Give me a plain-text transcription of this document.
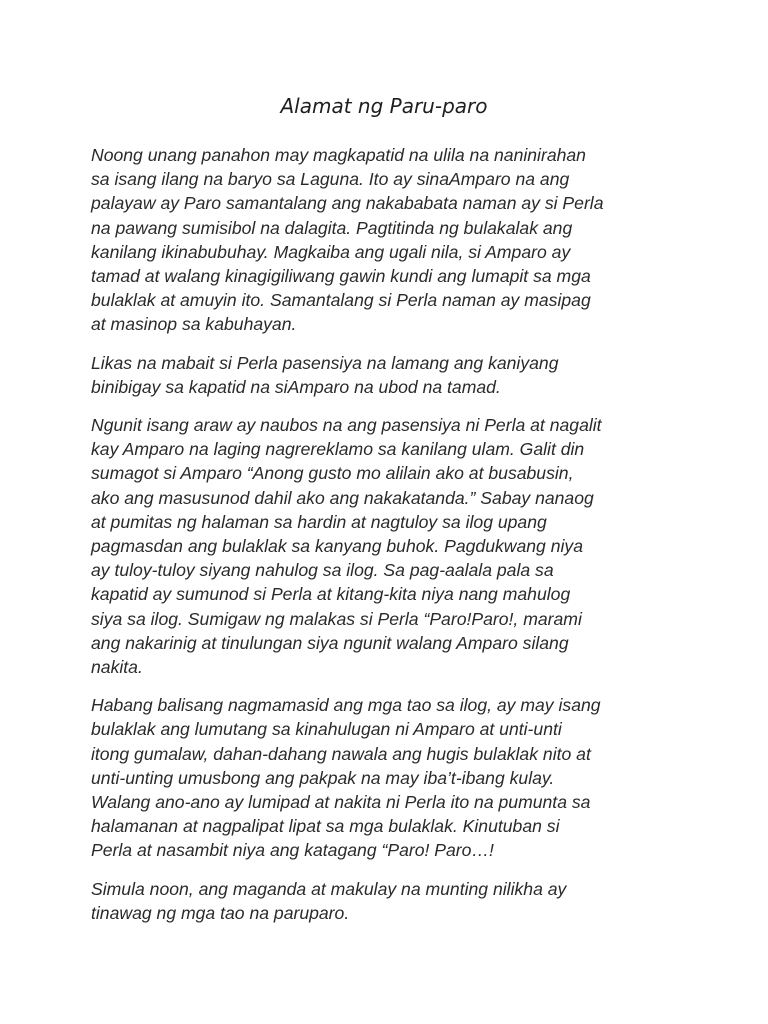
Alamat ng Paru-paro

Noong unang panahon may magkapatid na ulila na naninirahan
sa isang ilang na baryo sa Laguna. Ito ay sinaAmparo na ang
palayaw ay Paro samantalang ang nakababata naman ay si Perla
na pawang sumisibol na dalagita. Pagtitinda ng bulakalak ang
kanilang ikinabubuhay. Magkaiba ang ugali nila, si Amparo ay
tamad at walang kinagigiliwang gawin kundi ang lumapit sa mga
bulaklak at amuyin ito. Samantalang si Perla naman ay masipag
at masinop sa kabuhayan.

Likas na mabait si Perla pasensiya na lamang ang kaniyang
binibigay sa kapatid na siAmparo na ubod na tamad.

Ngunit isang araw ay naubos na ang pasensiya ni Perla at nagalit
kay Amparo na laging nagrereklamo sa kanilang ulam. Galit din
sumagot si Amparo “Anong gusto mo alilain ako at busabusin,
ako ang masusunod dahil ako ang nakakatanda.” Sabay nanaog
at pumitas ng halaman sa hardin at nagtuloy sa ilog upang
pagmasdan ang bulaklak sa kanyang buhok. Pagdukwang niya
ay tuloy-tuloy siyang nahulog sa ilog. Sa pag-aalala pala sa
kapatid ay sumunod si Perla at kitang-kita niya nang mahulog
siya sa ilog. Sumigaw ng malakas si Perla “Paro!Paro!, marami
ang nakarinig at tinulungan siya ngunit walang Amparo silang
nakita.

Habang balisang nagmamasid ang mga tao sa ilog, ay may isang
bulaklak ang lumutang sa kinahulugan ni Amparo at unti-unti
itong gumalaw, dahan-dahang nawala ang hugis bulaklak nito at
unti-unting umusbong ang pakpak na may iba’t-ibang kulay.
Walang ano-ano ay lumipad at nakita ni Perla ito na pumunta sa
halamanan at nagpalipat lipat sa mga bulaklak. Kinutuban si
Perla at nasambit niya ang katagang “Paro! Paro…!

Simula noon, ang maganda at makulay na munting nilikha ay
tinawag ng mga tao na paruparo.
